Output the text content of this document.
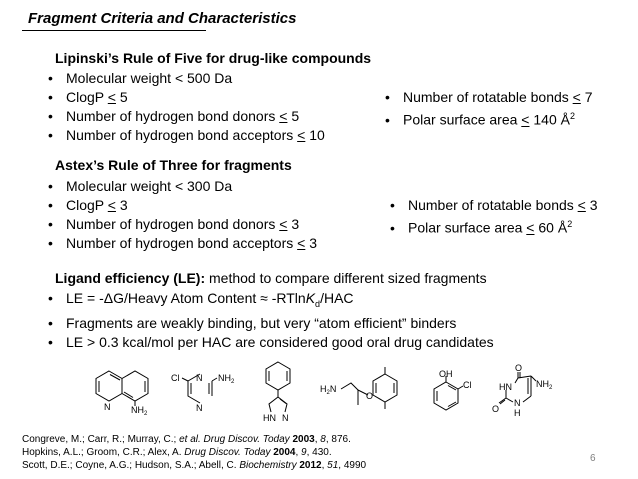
Fragment Criteria and Characteristics
Lipinski’s Rule of Five for drug-like compounds
• Molecular weight < 500 Da
• ClogP < 5
• Number of hydrogen bond donors < 5
• Number of hydrogen bond acceptors < 10
• Number of rotatable bonds < 7
• Polar surface area < 140 $Å^2$
Astex’s Rule of Three for fragments
• Molecular weight < 300 Da
• ClogP < 3
• Number of hydrogen bond donors < 3
• Number of hydrogen bond acceptors < 3
• Number of rotatable bonds < 3
• Polar surface area < 60 $Å^2$
Ligand efficiency (LE): method to compare different sized fragments
• LE = -ΔG/Heavy Atom Content ≈ -RTlnK$_d$/HAC
• Fragments are weakly binding, but very “atom efficient” binders
• LE > 0.3 kcal/mol per HAC are considered good oral drug candidates
N $NH_2$
Cl N $NH_2$
N
HN N
$H_2N$
O
OH
Cl
O
$NH_2$
HN
O
N
H
Congreve, M.; Carr, R.; Murray, C.; et al. Drug Discov. Today 2003, 8, 876.
Hopkins, A.L.; Groom, C.R.; Alex, A. Drug Discov. Today 2004, 9, 430.
Scott, D.E.; Coyne, A.G.; Hudson, S.A.; Abell, C. Biochemistry 2012, 51, 4990
6
